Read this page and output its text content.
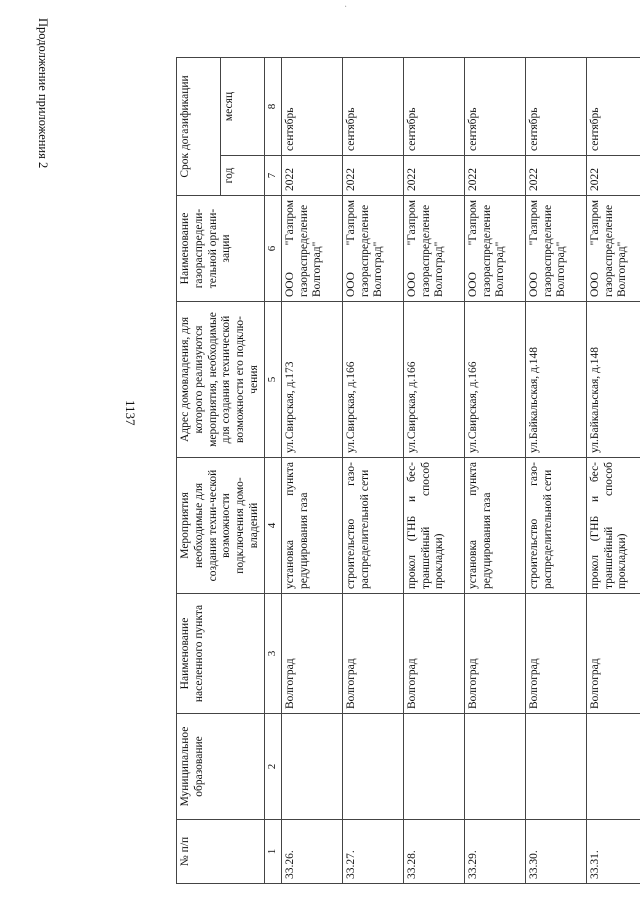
.
1137
Продолжение приложения 2
№ п/п	Муниципальное образование	Наименование населенного пункта	Мероприятия необходимые для создания техни-ческой возможности подключения домо-владений	Адрес домовладения, для которого реализуются мероприятия, необходимые для создания технической возможности его подклю-чения	Наименование газораспредели-тельной органи-зации	Срок догазификации	
						год	месяц
1	2	3	4	5	6	7	8
33.26.		Волгоград	установка пункта редуцирования газа	ул.Свирская, д.173	ООО "Газпром газораспределение Волгоград"	2022	сентябрь
33.27.		Волгоград	строительство газо-распределительной сети	ул.Свирская, д.166	ООО "Газпром газораспределение Волгоград"	2022	сентябрь
33.28.		Волгоград	прокол (ГНБ и бес-траншейный способ прокладки)	ул.Свирская, д.166	ООО "Газпром газораспределение Волгоград"	2022	сентябрь
33.29.		Волгоград	установка пункта редуцирования газа	ул.Свирская, д.166	ООО "Газпром газораспределение Волгоград"	2022	сентябрь
33.30.		Волгоград	строительство газо-распределительной сети	ул.Байкальская, д.148	ООО "Газпром газораспределение Волгоград"	2022	сентябрь
33.31.		Волгоград	прокол (ГНБ и бес-траншейный способ прокладки)	ул.Байкальская, д.148	ООО "Газпром газораспределение Волгоград"	2022	сентябрь
